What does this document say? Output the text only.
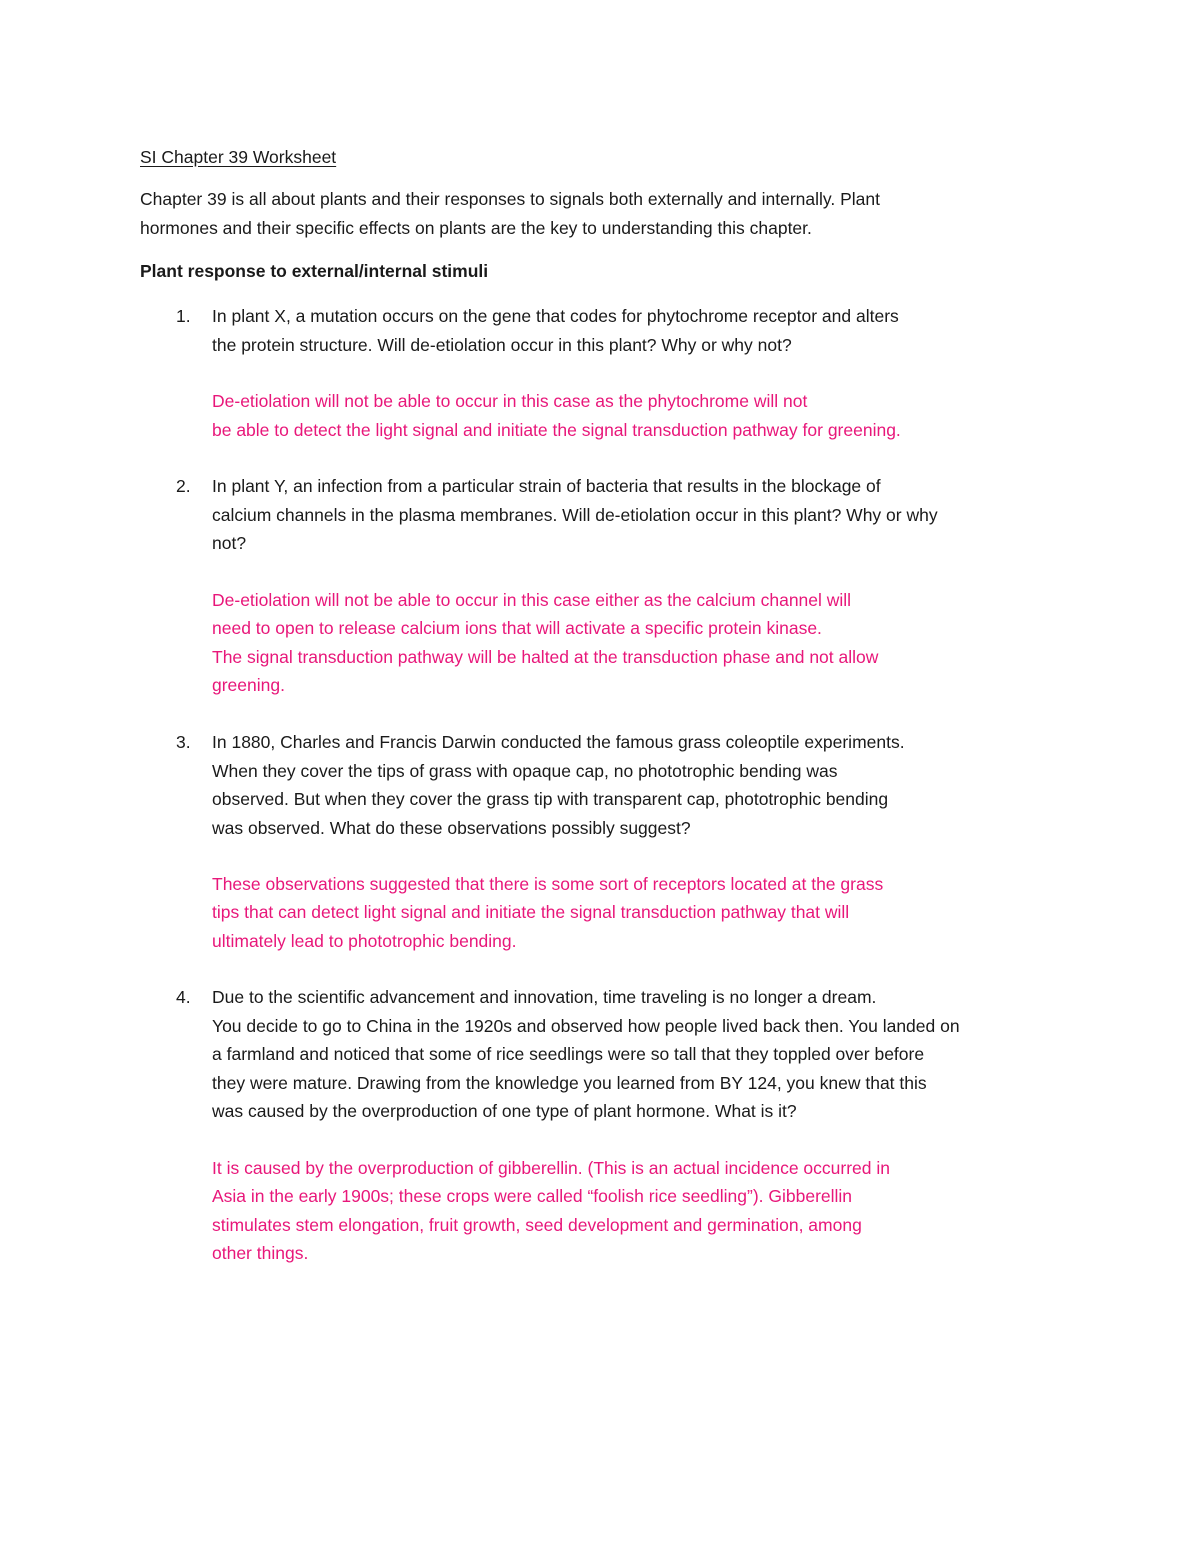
SI Chapter 39 Worksheet

Chapter 39 is all about plants and their responses to signals both externally and internally. Plant

hormones and their specific effects on plants are the key to understanding this chapter.

Plant response to external/internal stimuli

1. In plant X, a mutation occurs on the gene that codes for phytochrome receptor and alters

the protein structure. Will de-etiolation occur in this plant? Why or why not?

De-etiolation will not be able to occur in this case as the phytochrome will not

be able to detect the light signal and initiate the signal transduction pathway for greening.

2. In plant Y, an infection from a particular strain of bacteria that results in the blockage of

calcium channels in the plasma membranes. Will de-etiolation occur in this plant? Why or why

not?

De-etiolation will not be able to occur in this case either as the calcium channel will

need to open to release calcium ions that will activate a specific protein kinase.

The signal transduction pathway will be halted at the transduction phase and not allow

greening.

3. In 1880, Charles and Francis Darwin conducted the famous grass coleoptile experiments.

When they cover the tips of grass with opaque cap, no phototrophic bending was

observed. But when they cover the grass tip with transparent cap, phototrophic bending

was observed. What do these observations possibly suggest?

These observations suggested that there is some sort of receptors located at the grass

tips that can detect light signal and initiate the signal transduction pathway that will

ultimately lead to phototrophic bending.

4. Due to the scientific advancement and innovation, time traveling is no longer a dream.

You decide to go to China in the 1920s and observed how people lived back then. You landed on

a farmland and noticed that some of rice seedlings were so tall that they toppled over before

they were mature. Drawing from the knowledge you learned from BY 124, you knew that this

was caused by the overproduction of one type of plant hormone. What is it?

It is caused by the overproduction of gibberellin. (This is an actual incidence occurred in

Asia in the early 1900s; these crops were called “foolish rice seedling”). Gibberellin

stimulates stem elongation, fruit growth, seed development and germination, among

other things.
